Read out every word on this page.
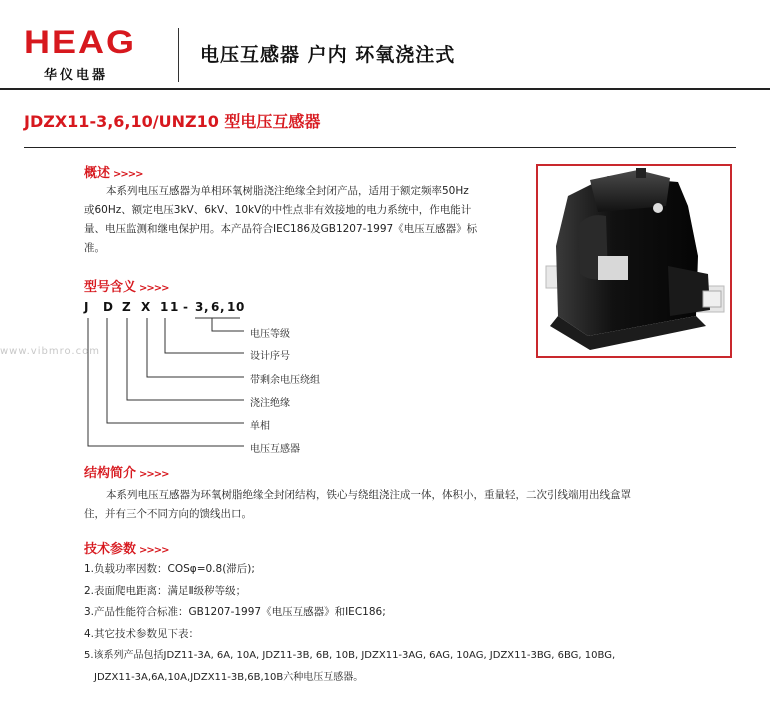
HEAG
华仪电器
电压互感器 户内 环氧浇注式
JDZX11-3,6,10/UNZ10 型电压互感器
概述 >>>>
本系列电压互感器为单相环氧树脂浇注绝缘全封闭产品，适用于额定频率50Hz
或60Hz、额定电压3kV、6kV、10kV的中性点非有效接地的电力系统中，作电能计
量、电压监测和继电保护用。本产品符合IEC186及GB1207-1997《电压互感器》标
准。
型号含义 >>>>
J D Z X 1 1 - 3 , 6 , 1 0
电压等级
设计序号
带剩余电压绕组
浇注绝缘
单相
电压互感器
www.vibmro.com
结构简介 >>>>
本系列电压互感器为环氧树脂绝缘全封闭结构，铁心与绕组浇注成一体，体积小，重量轻，二次引线端用出线盒罩
住，并有三个不同方向的馈线出口。
技术参数 >>>>
1.负载功率因数：COSφ=0.8(滞后);
2.表面爬电距离：满足Ⅱ级秽等级；
3.产品性能符合标准：GB1207-1997《电压互感器》和IEC186;
4.其它技术参数见下表：
5.该系列产品包括JDZ11-3A, 6A, 10A, JDZ11-3B, 6B, 10B, JDZX11-3AG, 6AG, 10AG, JDZX11-3BG, 6BG, 10BG,
JDZX11-3A,6A,10A,JDZX11-3B,6B,10B六种电压互感器。
